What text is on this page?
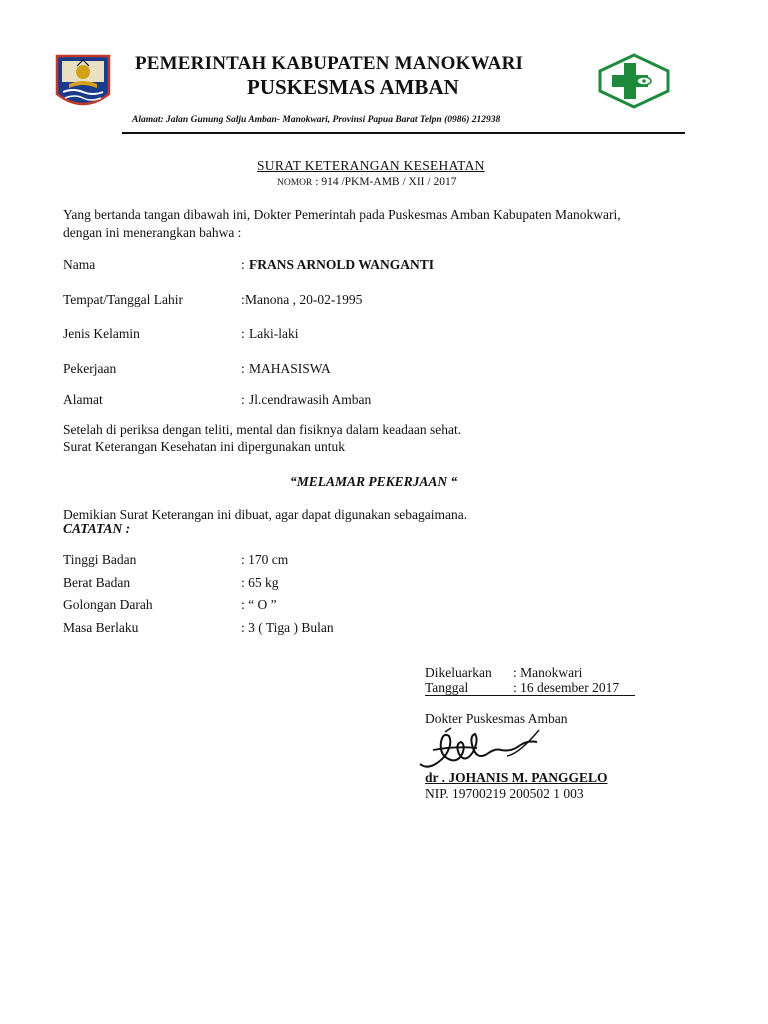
PEMERINTAH KABUPATEN MANOKWARI
PUSKESMAS AMBAN
Alamat: Jalan Gunung Salju Amban- Manokwari, Provinsi Papua Barat Telpn (0986) 212938
SURAT KETERANGAN KESEHATAN
NOMOR : 914 /PKM-AMB / XII / 2017
Yang bertanda tangan dibawah ini, Dokter Pemerintah pada Puskesmas Amban Kabupaten Manokwari,
dengan ini menerangkan bahwa :
Nama	: FRANS ARNOLD WANGANTI
Tempat/Tanggal Lahir	: Manona , 20-02-1995
Jenis Kelamin	: Laki-laki
Pekerjaan	: MAHASISWA
Alamat	: Jl.cendrawasih Amban
Setelah di periksa dengan teliti, mental dan fisiknya dalam keadaan sehat.
Surat Keterangan Kesehatan ini dipergunakan untuk
“MELAMAR PEKERJAAN “
Demikian Surat Keterangan ini dibuat, agar dapat digunakan sebagaimana.
CATATAN :
Tinggi Badan	: 170 cm
Berat Badan	: 65 kg
Golongan Darah	: “ O ”
Masa Berlaku	: 3 ( Tiga ) Bulan
Dikeluarkan : Manokwari
Tanggal	: 16 desember 2017
Dokter Puskesmas Amban
dr . JOHANIS M. PANGGELO
NIP. 19700219 200502 1 003
